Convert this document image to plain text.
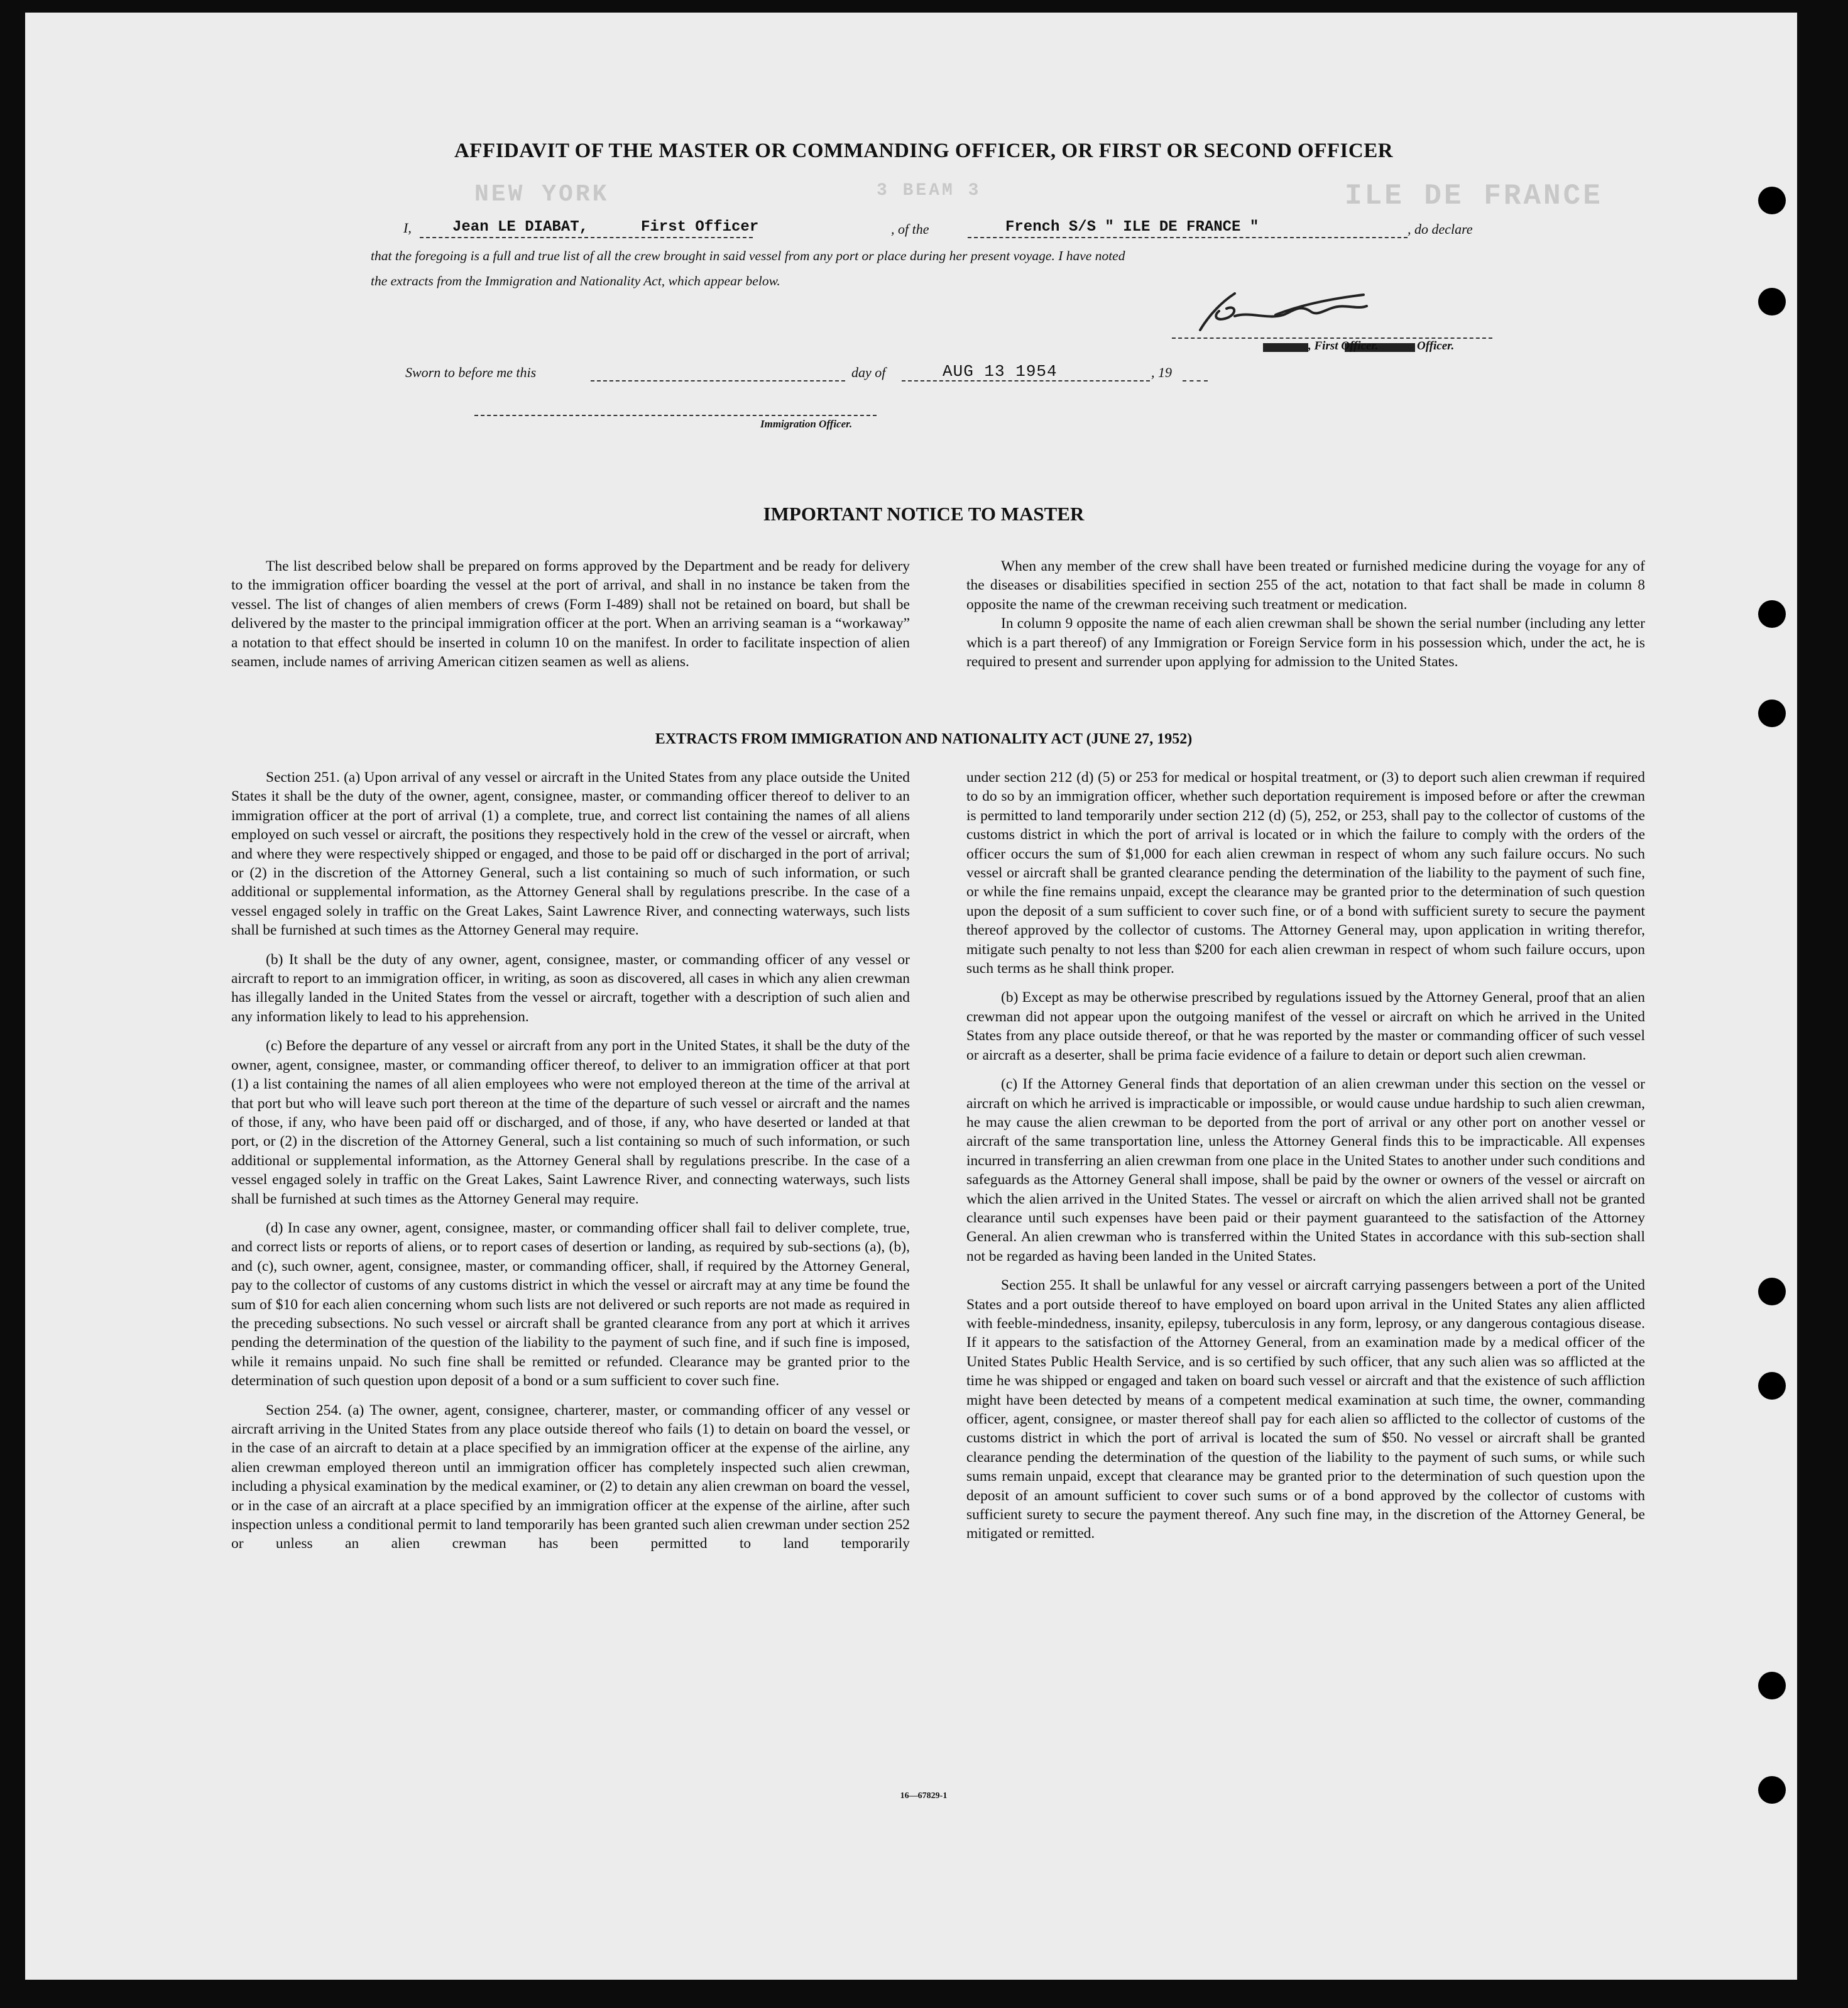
NEW YORK	3 BEAM 3	ILE DE FRANCE
AFFIDAVIT OF THE MASTER OR COMMANDING OFFICER, OR FIRST OR SECOND OFFICER
I,	Jean LE DIABAT,	First Officer	, of the	French S/S " ILE DE FRANCE "	, do declare
that the foregoing is a full and true list of all the crew brought in said vessel from any port or place during her present voyage. I have noted
the extracts from the Immigration and Nationality Act, which appear below.
, First Officer.	Officer.
Sworn to before me this	day of	AUG 13 1954	, 19
Immigration Officer.
IMPORTANT NOTICE TO MASTER

The list described below shall be prepared on forms approved by the Department and be ready for delivery to the immigration officer boarding the vessel at the port of arrival, and shall in no instance be taken from the vessel. The list of changes of alien members of crews (Form I-489) shall not be retained on board, but shall be delivered by the master to the principal immigration officer at the port. When an arriving seaman is a “workaway” a notation to that effect should be inserted in column 10 on the manifest. In order to facilitate inspection of alien seamen, include names of arriving American citizen seamen as well as aliens.

When any member of the crew shall have been treated or furnished medicine during the voyage for any of the diseases or disabilities specified in section 255 of the act, notation to that fact shall be made in column 8 opposite the name of the crewman receiving such treatment or medication.

In column 9 opposite the name of each alien crewman shall be shown the serial number (including any letter which is a part thereof) of any Immigration or Foreign Service form in his possession which, under the act, he is required to present and surrender upon applying for admission to the United States.

EXTRACTS FROM IMMIGRATION AND NATIONALITY ACT (JUNE 27, 1952)

Section 251. (a) Upon arrival of any vessel or aircraft in the United States from any place outside the United States it shall be the duty of the owner, agent, consignee, master, or commanding officer thereof to deliver to an immigration officer at the port of arrival (1) a complete, true, and correct list containing the names of all aliens employed on such vessel or aircraft, the positions they respectively hold in the crew of the vessel or aircraft, when and where they were respectively shipped or engaged, and those to be paid off or discharged in the port of arrival; or (2) in the discretion of the Attorney General, such a list containing so much of such information, or such additional or supplemental information, as the Attorney General shall by regulations prescribe. In the case of a vessel engaged solely in traffic on the Great Lakes, Saint Lawrence River, and connecting waterways, such lists shall be furnished at such times as the Attorney General may require.

(b) It shall be the duty of any owner, agent, consignee, master, or commanding officer of any vessel or aircraft to report to an immigration officer, in writing, as soon as discovered, all cases in which any alien crewman has illegally landed in the United States from the vessel or aircraft, together with a description of such alien and any information likely to lead to his apprehension.

(c) Before the departure of any vessel or aircraft from any port in the United States, it shall be the duty of the owner, agent, consignee, master, or commanding officer thereof, to deliver to an immigration officer at that port (1) a list containing the names of all alien employees who were not employed thereon at the time of the arrival at that port but who will leave such port thereon at the time of the departure of such vessel or aircraft and the names of those, if any, who have been paid off or discharged, and of those, if any, who have deserted or landed at that port, or (2) in the discretion of the Attorney General, such a list containing so much of such information, or such additional or supplemental information, as the Attorney General shall by regulations prescribe. In the case of a vessel engaged solely in traffic on the Great Lakes, Saint Lawrence River, and connecting waterways, such lists shall be furnished at such times as the Attorney General may require.

(d) In case any owner, agent, consignee, master, or commanding officer shall fail to deliver complete, true, and correct lists or reports of aliens, or to report cases of desertion or landing, as required by sub-sections (a), (b), and (c), such owner, agent, consignee, master, or commanding officer, shall, if required by the Attorney General, pay to the collector of customs of any customs district in which the vessel or aircraft may at any time be found the sum of $10 for each alien concerning whom such lists are not delivered or such reports are not made as required in the preceding subsections. No such vessel or aircraft shall be granted clearance from any port at which it arrives pending the determination of the question of the liability to the payment of such fine, and if such fine is imposed, while it remains unpaid. No such fine shall be remitted or refunded. Clearance may be granted prior to the determination of such question upon deposit of a bond or a sum sufficient to cover such fine.

Section 254. (a) The owner, agent, consignee, charterer, master, or commanding officer of any vessel or aircraft arriving in the United States from any place outside thereof who fails (1) to detain on board the vessel, or in the case of an aircraft to detain at a place specified by an immigration officer at the expense of the airline, any alien crewman employed thereon until an immigration officer has completely inspected such alien crewman, including a physical examination by the medical examiner, or (2) to detain any alien crewman on board the vessel, or in the case of an aircraft at a place specified by an immigration officer at the expense of the airline, after such inspection unless a conditional permit to land temporarily has been granted such alien crewman under section 252 or unless an alien crewman has been permitted to land temporarily

under section 212 (d) (5) or 253 for medical or hospital treatment, or (3) to deport such alien crewman if required to do so by an immigration officer, whether such deportation requirement is imposed before or after the crewman is permitted to land temporarily under section 212 (d) (5), 252, or 253, shall pay to the collector of customs of the customs district in which the port of arrival is located or in which the failure to comply with the orders of the officer occurs the sum of $1,000 for each alien crewman in respect of whom any such failure occurs. No such vessel or aircraft shall be granted clearance pending the determination of the liability to the payment of such fine, or while the fine remains unpaid, except the clearance may be granted prior to the determination of such question upon the deposit of a sum sufficient to cover such fine, or of a bond with sufficient surety to secure the payment thereof approved by the collector of customs. The Attorney General may, upon application in writing therefor, mitigate such penalty to not less than $200 for each alien crewman in respect of whom such failure occurs, upon such terms as he shall think proper.

(b) Except as may be otherwise prescribed by regulations issued by the Attorney General, proof that an alien crewman did not appear upon the outgoing manifest of the vessel or aircraft on which he arrived in the United States from any place outside thereof, or that he was reported by the master or commanding officer of such vessel or aircraft as a deserter, shall be prima facie evidence of a failure to detain or deport such alien crewman.

(c) If the Attorney General finds that deportation of an alien crewman under this section on the vessel or aircraft on which he arrived is impracticable or impossible, or would cause undue hardship to such alien crewman, he may cause the alien crewman to be deported from the port of arrival or any other port on another vessel or aircraft of the same transportation line, unless the Attorney General finds this to be impracticable. All expenses incurred in transferring an alien crewman from one place in the United States to another under such conditions and safeguards as the Attorney General shall impose, shall be paid by the owner or owners of the vessel or aircraft on which the alien arrived in the United States. The vessel or aircraft on which the alien arrived shall not be granted clearance until such expenses have been paid or their payment guaranteed to the satisfaction of the Attorney General. An alien crewman who is transferred within the United States in accordance with this sub-section shall not be regarded as having been landed in the United States.

Section 255. It shall be unlawful for any vessel or aircraft carrying passengers between a port of the United States and a port outside thereof to have employed on board upon arrival in the United States any alien afflicted with feeble-mindedness, insanity, epilepsy, tuberculosis in any form, leprosy, or any dangerous contagious disease. If it appears to the satisfaction of the Attorney General, from an examination made by a medical officer of the United States Public Health Service, and is so certified by such officer, that any such alien was so afflicted at the time he was shipped or engaged and taken on board such vessel or aircraft and that the existence of such affliction might have been detected by means of a competent medical examination at such time, the owner, commanding officer, agent, consignee, or master thereof shall pay for each alien so afflicted to the collector of customs of the customs district in which the port of arrival is located the sum of $50. No vessel or aircraft shall be granted clearance pending the determination of the question of the liability to the payment of such sums, or while such sums remain unpaid, except that clearance may be granted prior to the determination of such question upon the deposit of an amount sufficient to cover such sums or of a bond approved by the collector of customs with sufficient surety to secure the payment thereof. Any such fine may, in the discretion of the Attorney General, be mitigated or remitted.

16—67829-1
